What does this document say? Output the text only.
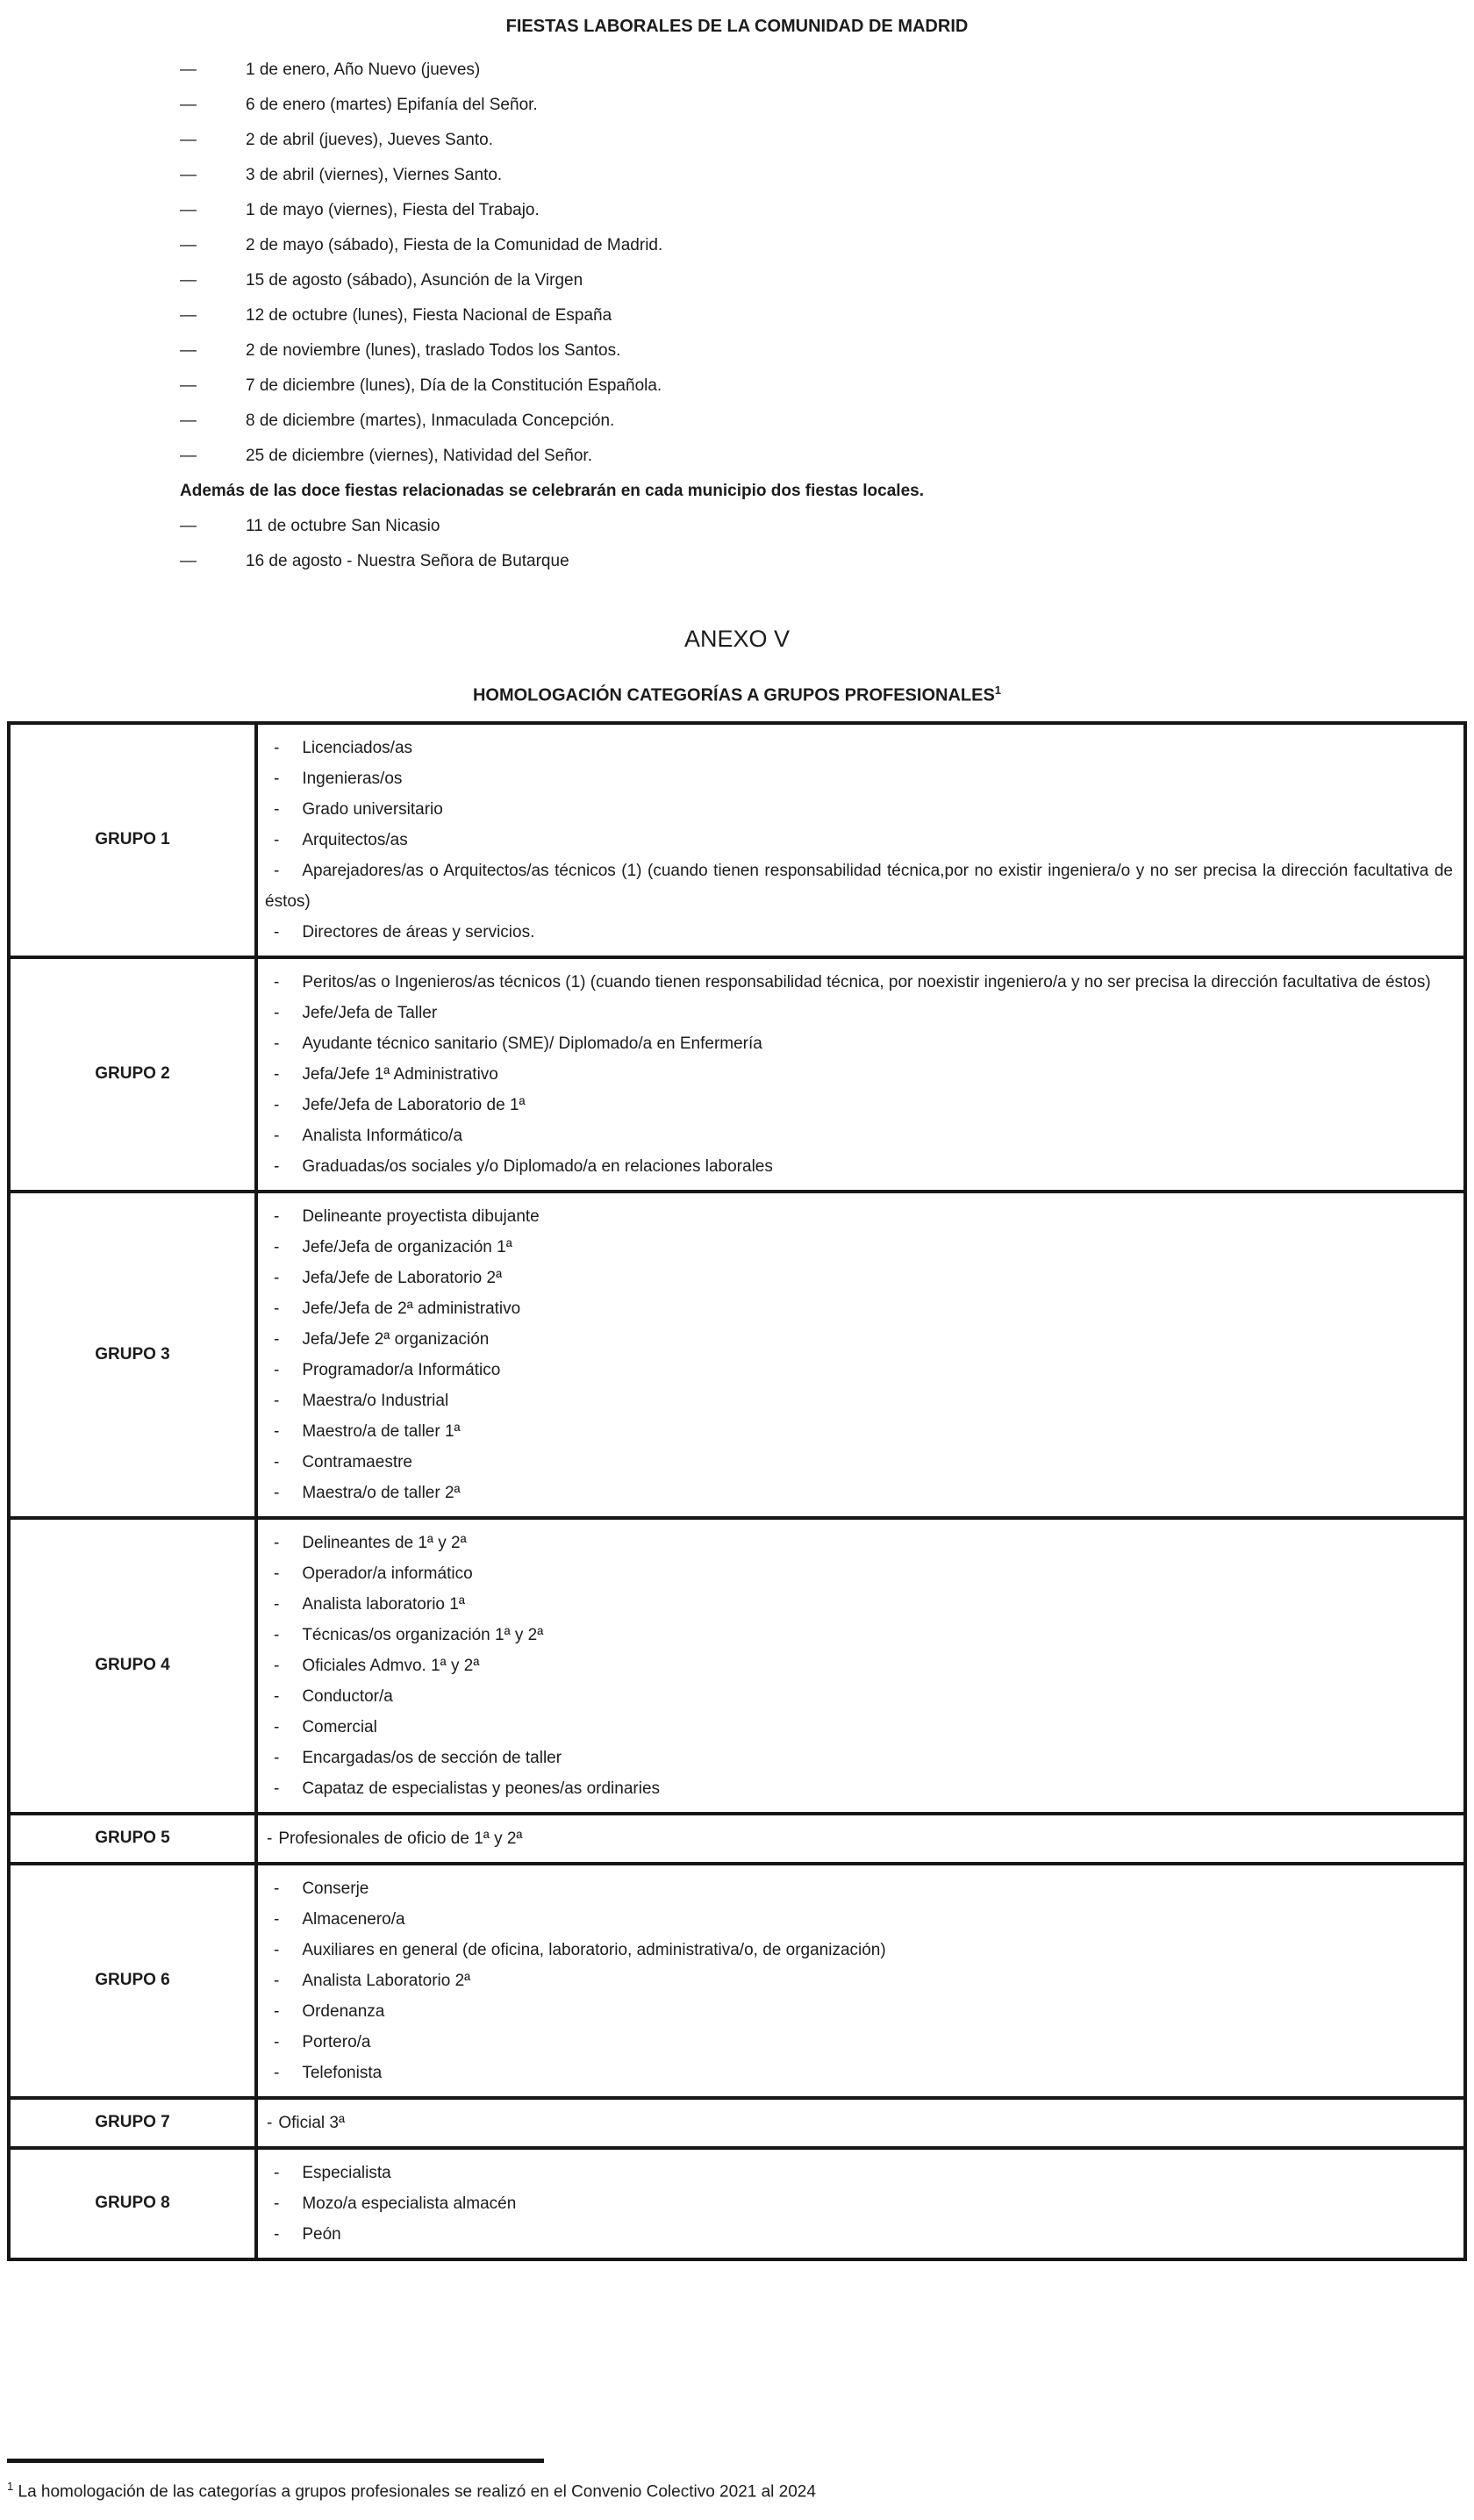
FIESTAS LABORALES DE LA COMUNIDAD DE MADRID
—	1 de enero, Año Nuevo (jueves)
—	6 de enero (martes) Epifanía del Señor.
—	2 de abril (jueves), Jueves Santo.
—	3 de abril (viernes), Viernes Santo.
—	1 de mayo (viernes), Fiesta del Trabajo.
—	2 de mayo (sábado), Fiesta de la Comunidad de Madrid.
—	15 de agosto (sábado), Asunción de la Virgen
—	12 de octubre (lunes), Fiesta Nacional de España
—	2 de noviembre (lunes), traslado Todos los Santos.
—	7 de diciembre (lunes), Día de la Constitución Española.
—	8 de diciembre (martes), Inmaculada Concepción.
—	25 de diciembre (viernes), Natividad del Señor.
Además de las doce fiestas relacionadas se celebrarán en cada municipio dos fiestas locales.
—	11 de octubre San Nicasio
—	16 de agosto - Nuestra Señora de Butarque
ANEXO V
HOMOLOGACIÓN CATEGORÍAS A GRUPOS PROFESIONALES$^1$
GRUPO 1	
- Licenciados/as
- Ingenieras/os
- Grado universitario
- Arquitectos/as
- Aparejadores/as o Arquitectos/as técnicos (1) (cuando tienen responsabilidad técnica,por no existir ingeniera/o y no ser precisa la dirección facultativa de éstos)
- Directores de áreas y servicios.

GRUPO 2	
- Peritos/as o Ingenieros/as técnicos (1) (cuando tienen responsabilidad técnica, por noexistir ingeniero/a y no ser precisa la dirección facultativa de éstos)
- Jefe/Jefa de Taller
- Ayudante técnico sanitario (SME)/ Diplomado/a en Enfermería
- Jefa/Jefe 1ª Administrativo
- Jefe/Jefa de Laboratorio de 1ª
- Analista Informático/a
- Graduadas/os sociales y/o Diplomado/a en relaciones laborales

GRUPO 3	
- Delineante proyectista dibujante
- Jefe/Jefa de organización 1ª
- Jefa/Jefe de Laboratorio 2ª
- Jefe/Jefa de 2ª administrativo
- Jefa/Jefe 2ª organización
- Programador/a Informático
- Maestra/o Industrial
- Maestro/a de taller 1ª
- Contramaestre
- Maestra/o de taller 2ª

GRUPO 4	
- Delineantes de 1ª y 2ª
- Operador/a informático
- Analista laboratorio 1ª
- Técnicas/os organización 1ª y 2ª
- Oficiales Admvo. 1ª y 2ª
- Conductor/a
- Comercial
- Encargadas/os de sección de taller
- Capataz de especialistas y peones/as ordinaries

GRUPO 5	- Profesionales de oficio de 1ª y 2ª

GRUPO 6	
- Conserje
- Almacenero/a
- Auxiliares en general (de oficina, laboratorio, administrativa/o, de organización)
- Analista Laboratorio 2ª
- Ordenanza
- Portero/a
- Telefonista

GRUPO 7	- Oficial 3ª

GRUPO 8	- Especialista
- Mozo/a especialista almacén
- Peón
$^1$ La homologación de las categorías a grupos profesionales se realizó en el Convenio Colectivo 2021 al 2024
